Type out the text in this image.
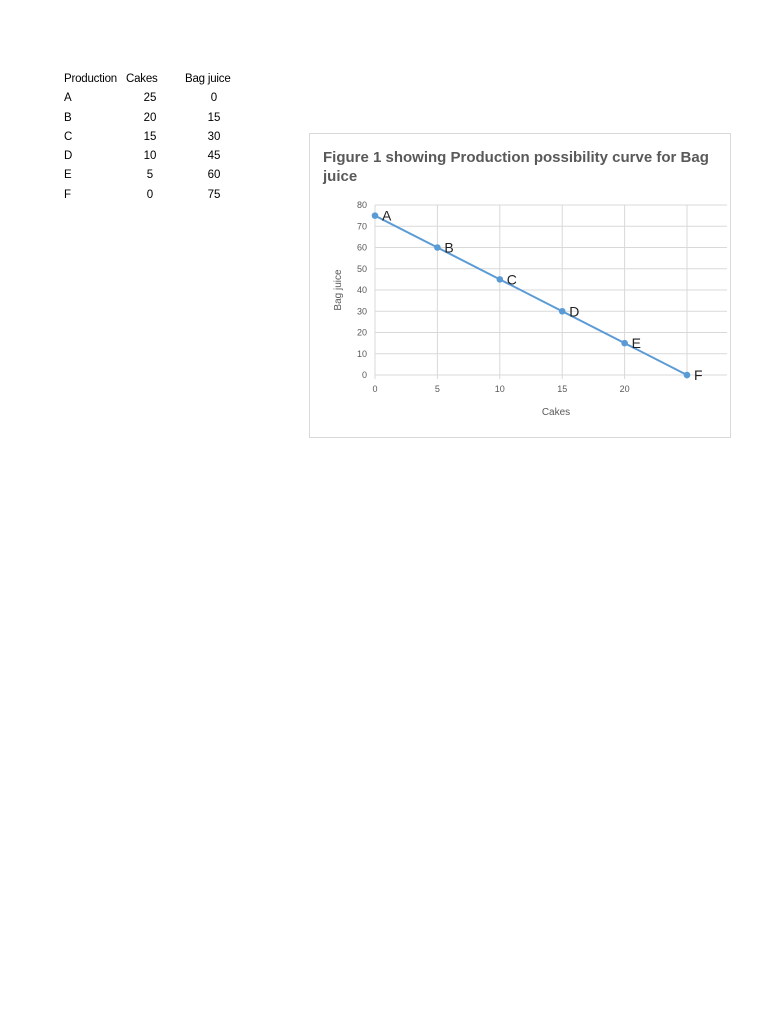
Production Cakes Bag juice
A	25	0
B	20	15
C	15	30
D	10	45
E	5	60
F	0	75
Figure 1 showing Production possibility curve for Bag juice
0
10
20
30
40
50
60
70
80
0	5	10	15	20
Cakes
Bag juice
A
B
C
D
E
F
